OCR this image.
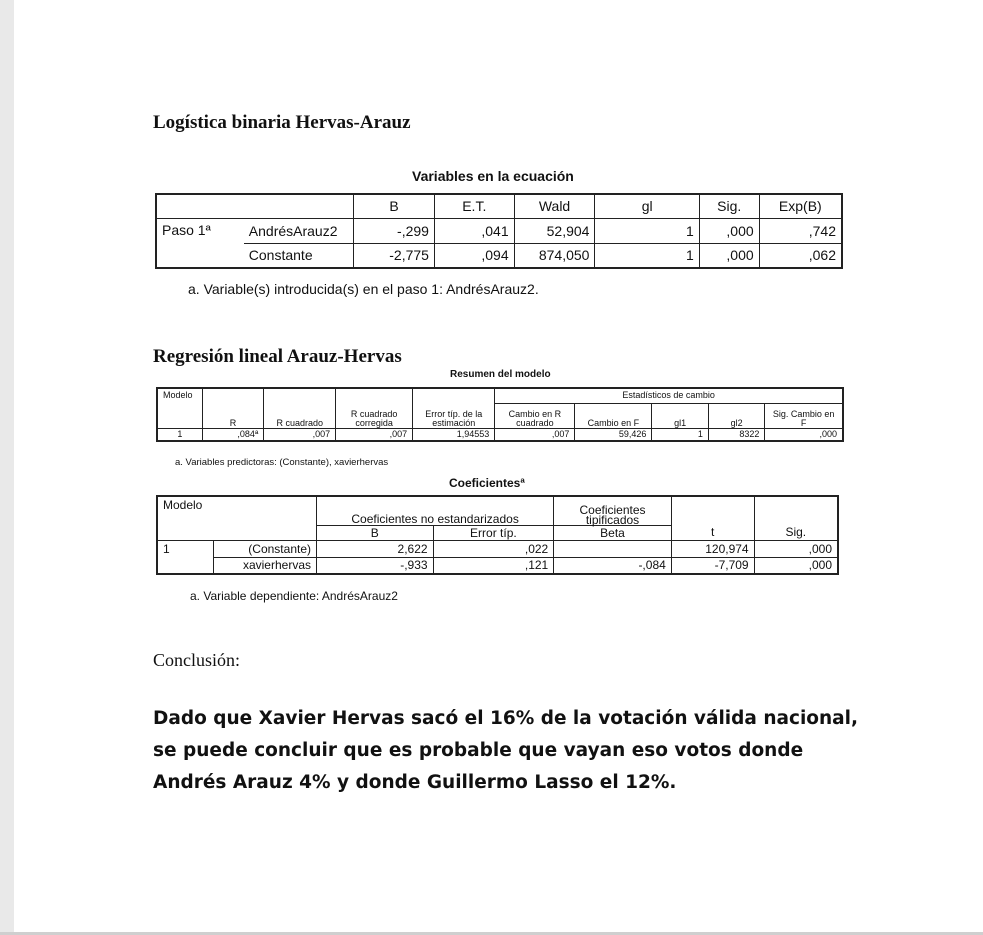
Logística binaria Hervas-Arauz
Variables en la ecuación
		B	E.T.	Wald	gl	Sig.	Exp(B)
Paso 1ª	AndrésArauz2	-,299	,041	52,904	1	,000	,742
	Constante	-2,775	,094	874,050	1	,000	,062
a. Variable(s) introducida(s) en el paso 1: AndrésArauz2.
Regresión lineal Arauz-Hervas
Resumen del modelo
Modelo					Estadísticos de cambio				
	R	R cuadrado	R cuadrado corregida	Error típ. de la estimación	Cambio en R cuadrado	Cambio en F	gl1	gl2	Sig. Cambio en F
1	,084ª	,007	,007	1,94553	,007	59,426	1	8322	,000
a. Variables predictoras: (Constante), xavierhervas
Coeficientesª
Modelo		Coeficientes no estandarizados		Coeficientes tipificados	t	Sig.
		B	Error típ.	Beta		
1	(Constante)	2,622	,022		120,974	,000
	xavierhervas	-,933	,121	-,084	-7,709	,000
a. Variable dependiente: AndrésArauz2
Conclusión:
Dado que Xavier Hervas sacó el 16% de la votación válida nacional, se puede concluir que es probable que vayan eso votos donde Andrés Arauz 4% y donde Guillermo Lasso el 12%.
